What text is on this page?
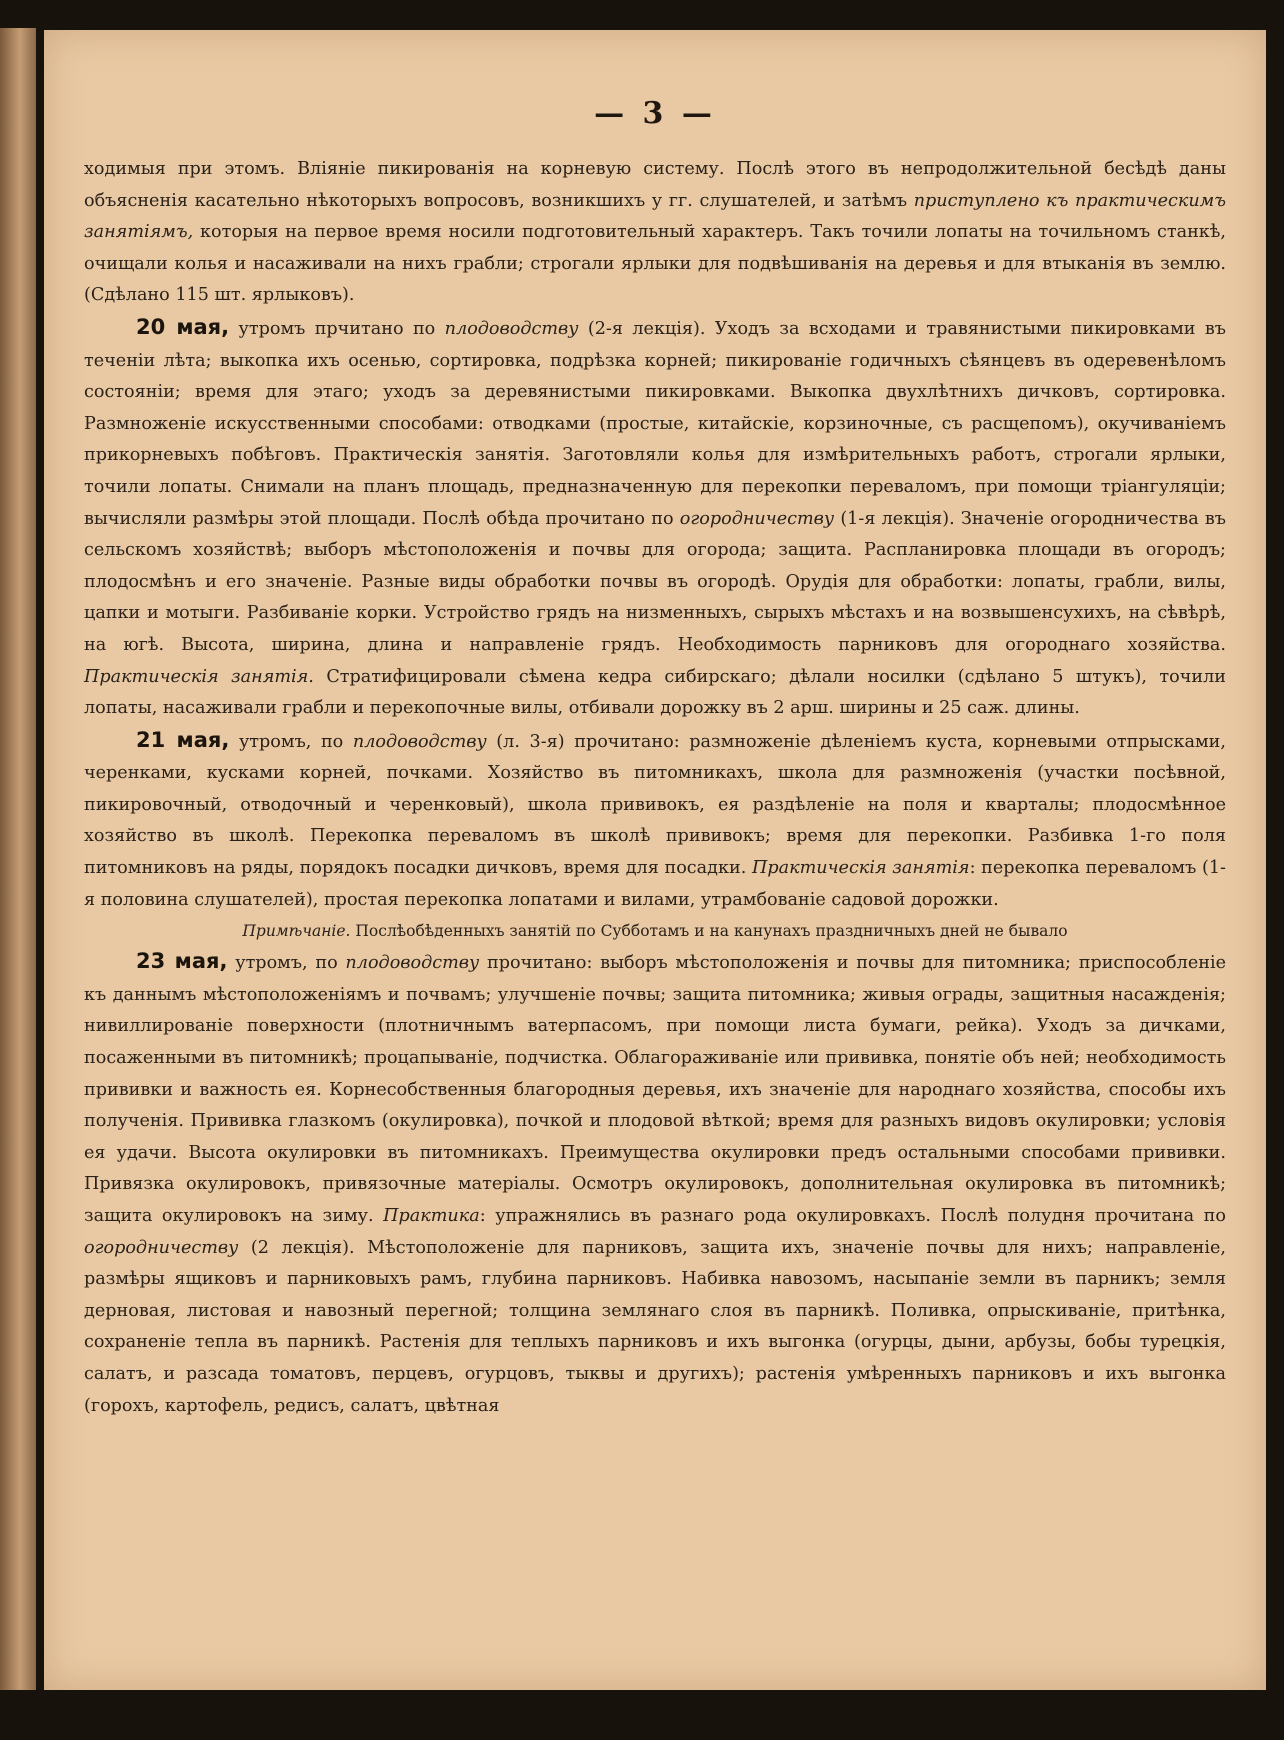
— 3 —

ходимыя при этомъ. Вліяніе пикированія на корневую систему. Послѣ этого въ непродолжительной бесѣдѣ даны объясненія касательно нѣкоторыхъ вопросовъ, возникшихъ у гг. слушателей, и затѣмъ приступлено къ практическимъ занятіямъ, которыя на первое время носили подготовительный характеръ. Такъ точили лопаты на точильномъ станкѣ, очищали колья и насаживали на нихъ грабли; строгали ярлыки для подвѣшиванія на деревья и для втыканія въ землю. (Сдѣлано 115 шт. ярлыковъ).

20 мая, утромъ прчитано по плодоводству (2-я лекція). Уходъ за всходами и травянистыми пикировками въ теченіи лѣта; выкопка ихъ осенью, сортировка, подрѣзка корней; пикированіе годичныхъ сѣянцевъ въ одеревенѣломъ состояніи; время для этаго; уходъ за деревянистыми пикировками. Выкопка двухлѣтнихъ дичковъ, сортировка. Размноженіе искусственными способами: отводками (простые, китайскіе, корзиночные, съ расщепомъ), окучиваніемъ прикорневыхъ побѣговъ. Практическія занятія. Заготовляли колья для измѣрительныхъ работъ, строгали ярлыки, точили лопаты. Снимали на планъ площадь, предназначенную для перекопки переваломъ, при помощи тріангуляціи; вычисляли размѣры этой площади. Послѣ обѣда прочитано по огородничеству (1-я лекція). Значеніе огородничества въ сельскомъ хозяйствѣ; выборъ мѣстоположенія и почвы для огорода; защита. Распланировка площади въ огородъ; плодосмѣнъ и его значеніе. Разные виды обработки почвы въ огородѣ. Орудія для обработки: лопаты, грабли, вилы, цапки и мотыги. Разбиваніе корки. Устройство грядъ на низменныхъ, сырыхъ мѣстахъ и на возвышенсухихъ, на сѣвѣрѣ, на югѣ. Высота, ширина, длина и направленіе грядъ. Необходимость парниковъ для огороднаго хозяйства. Практическія занятія. Стратифицировали сѣмена кедра сибирскаго; дѣлали носилки (сдѣлано 5 штукъ), точили лопаты, насаживали грабли и перекопочные вилы, отбивали дорожку въ 2 арш. ширины и 25 саж. длины.

21 мая, утромъ, по плодоводству (л. 3-я) прочитано: размноженіе дѣленіемъ куста, корневыми отпрысками, черенками, кусками корней, почками. Хозяйство въ питомникахъ, школа для размноженія (участки посѣвной, пикировочный, отводочный и черенковый), школа прививокъ, ея раздѣленіе на поля и кварталы; плодосмѣнное хозяйство въ школѣ. Перекопка переваломъ въ школѣ прививокъ; время для перекопки. Разбивка 1-го поля питомниковъ на ряды, порядокъ посадки дичковъ, время для посадки. Практическія занятія: перекопка переваломъ (1-я половина слушателей), простая перекопка лопатами и вилами, утрамбованіе садовой дорожки.

Примѣчаніе. Послѣобѣденныхъ занятій по Субботамъ и на канунахъ праздничныхъ дней не бывало

23 мая, утромъ, по плодоводству прочитано: выборъ мѣстоположенія и почвы для питомника; приспособленіе къ даннымъ мѣстоположеніямъ и почвамъ; улучшеніе почвы; защита питомника; живыя ограды, защитныя насажденія; нивиллированіе поверхности (плотничнымъ ватерпасомъ, при помощи листа бумаги, рейка). Уходъ за дичками, посаженными въ питомникѣ; процапываніе, подчистка. Облагораживаніе или прививка, понятіе объ ней; необходимость прививки и важность ея. Корнесобственныя благородныя деревья, ихъ значеніе для народнаго хозяйства, способы ихъ полученія. Прививка глазкомъ (окулировка), почкой и плодовой вѣткой; время для разныхъ видовъ окулировки; условія ея удачи. Высота окулировки въ питомникахъ. Преимущества окулировки предъ остальными способами прививки. Привязка окулировокъ, привязочные матеріалы. Осмотръ окулировокъ, дополнительная окулировка въ питомникѣ; защита окулировокъ на зиму. Практика: упражнялись въ разнаго рода окулировкахъ. Послѣ полудня прочитана по огородничеству (2 лекція). Мѣстоположеніе для парниковъ, защита ихъ, значеніе почвы для нихъ; направленіе, размѣры ящиковъ и парниковыхъ рамъ, глубина парниковъ. Набивка навозомъ, насыпаніе земли въ парникъ; земля дерновая, листовая и навозный перегной; толщина землянаго слоя въ парникѣ. Поливка, опрыскиваніе, притѣнка, сохраненіе тепла въ парникѣ. Растенія для теплыхъ парниковъ и ихъ выгонка (огурцы, дыни, арбузы, бобы турецкія, салатъ, и разсада томатовъ, перцевъ, огурцовъ, тыквы и другихъ); растенія умѣренныхъ парниковъ и ихъ выгонка (горохъ, картофель, редисъ, салатъ, цвѣтная
